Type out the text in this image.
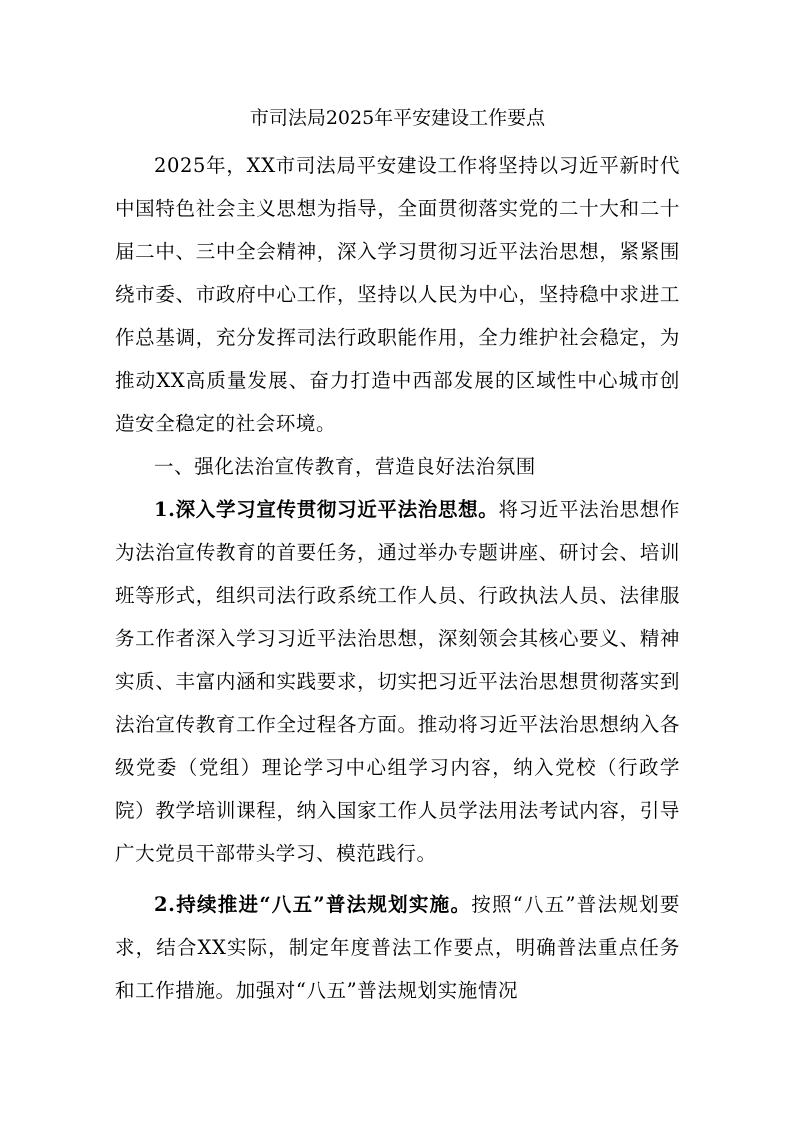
市司法局2025年平安建设工作要点

2025年，XX市司法局平安建设工作将坚持以习近平新时代中国特色社会主义思想为指导，全面贯彻落实党的二十大和二十届二中、三中全会精神，深入学习贯彻习近平法治思想，紧紧围绕市委、市政府中心工作，坚持以人民为中心，坚持稳中求进工作总基调，充分发挥司法行政职能作用，全力维护社会稳定，为推动XX高质量发展、奋力打造中西部发展的区域性中心城市创造安全稳定的社会环境。

一、强化法治宣传教育，营造良好法治氛围

1.深入学习宣传贯彻习近平法治思想。将习近平法治思想作为法治宣传教育的首要任务，通过举办专题讲座、研讨会、培训班等形式，组织司法行政系统工作人员、行政执法人员、法律服务工作者深入学习习近平法治思想，深刻领会其核心要义、精神实质、丰富内涵和实践要求，切实把习近平法治思想贯彻落实到法治宣传教育工作全过程各方面。推动将习近平法治思想纳入各级党委（党组）理论学习中心组学习内容，纳入党校（行政学院）教学培训课程，纳入国家工作人员学法用法考试内容，引导广大党员干部带头学习、模范践行。

2.持续推进“八五”普法规划实施。按照“八五”普法规划要求，结合XX实际，制定年度普法工作要点，明确普法重点任务和工作措施。加强对“八五”普法规划实施情况
